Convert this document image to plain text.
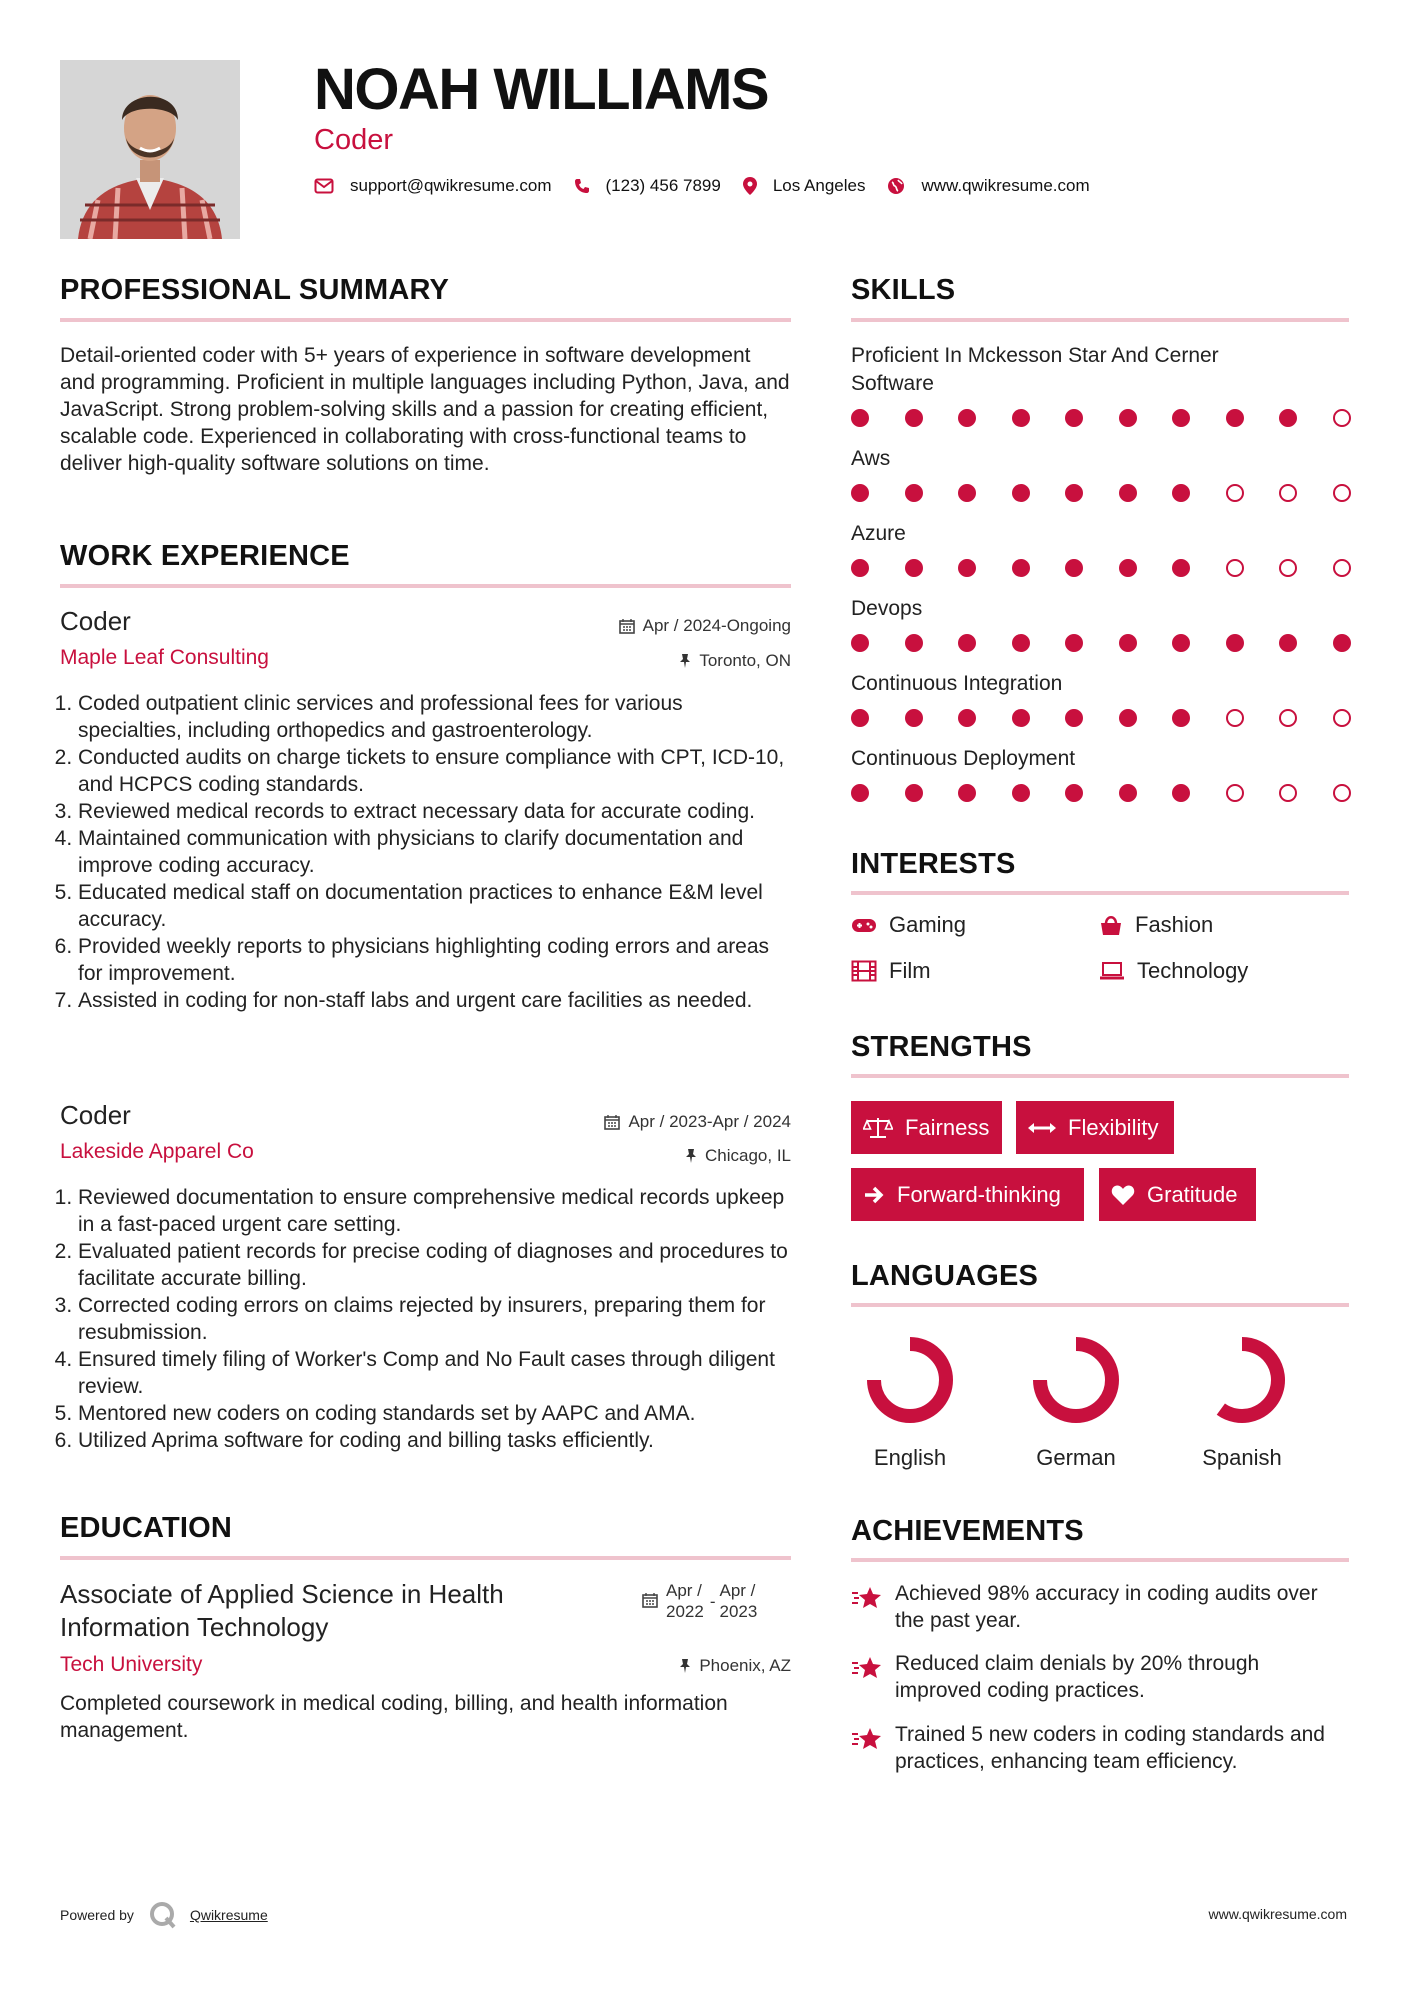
NOAH WILLIAMS
Coder
support@qwikresume.com	(123) 456 7899	Los Angeles	www.qwikresume.com
PROFESSIONAL SUMMARY
Detail-oriented coder with 5+ years of experience in software development and programming. Proficient in multiple languages including Python, Java, and JavaScript. Strong problem-solving skills and a passion for creating efficient, scalable code. Experienced in collaborating with cross-functional teams to deliver high-quality software solutions on time.
WORK EXPERIENCE
Coder	Apr / 2024-Ongoing
Maple Leaf Consulting	Toronto, ON
1. Coded outpatient clinic services and professional fees for various specialties, including orthopedics and gastroenterology.
2. Conducted audits on charge tickets to ensure compliance with CPT, ICD-10, and HCPCS coding standards.
3. Reviewed medical records to extract necessary data for accurate coding.
4. Maintained communication with physicians to clarify documentation and improve coding accuracy.
5. Educated medical staff on documentation practices to enhance E&M level accuracy.
6. Provided weekly reports to physicians highlighting coding errors and areas for improvement.
7. Assisted in coding for non-staff labs and urgent care facilities as needed.
Coder	Apr / 2023-Apr / 2024
Lakeside Apparel Co	Chicago, IL
1. Reviewed documentation to ensure comprehensive medical records upkeep in a fast-paced urgent care setting.
2. Evaluated patient records for precise coding of diagnoses and procedures to facilitate accurate billing.
3. Corrected coding errors on claims rejected by insurers, preparing them for resubmission.
4. Ensured timely filing of Worker's Comp and No Fault cases through diligent review.
5. Mentored new coders on coding standards set by AAPC and AMA.
6. Utilized Aprima software for coding and billing tasks efficiently.
EDUCATION
Associate of Applied Science in Health Information Technology
Apr /
2022
-
Apr /
2023
Tech University	Phoenix, AZ
Completed coursework in medical coding, billing, and health information management.
SKILLS
Proficient In Mckesson Star And Cerner Software
Aws
Azure
Devops
Continuous Integration
Continuous Deployment
INTERESTS
Gaming	Fashion
Film	Technology
STRENGTHS
Fairness	Flexibility
Forward-thinking	Gratitude
LANGUAGES
English	German	Spanish
ACHIEVEMENTS
Achieved 98% accuracy in coding audits over the past year.
Reduced claim denials by 20% through improved coding practices.
Trained 5 new coders in coding standards and practices, enhancing team efficiency.
Powered by	Qwikresume	www.qwikresume.com
